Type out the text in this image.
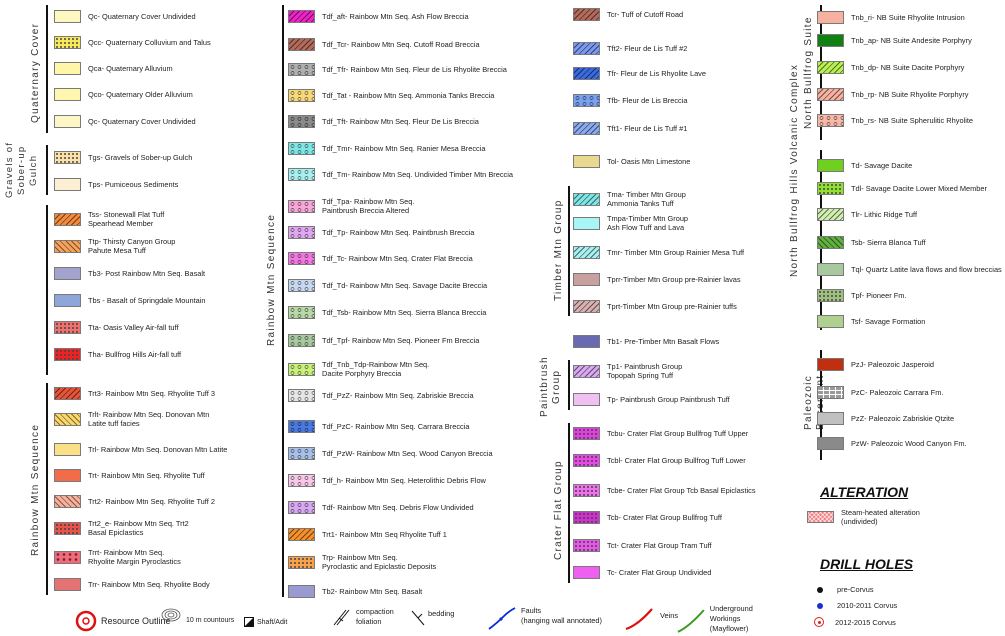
Quaternary Cover
Gravels of
Sober-up
Gulch
Rainbow Mtn Sequence
Qc- Quaternary Cover Undivided
Qcc- Quaternary Colluvium and Talus
Qca- Quaternary Alluvium
Qco- Quaternary Older Alluvium
Qc- Quaternary Cover Undivided
Tgs- Gravels of Sober-up Gulch
Tps- Pumiceous Sediments
Tss- Stonewall Flat Tuff
Spearhead Member
Ttp- Thirsty Canyon Group
Pahute Mesa Tuff
Tb3- Post Rainbow Mtn Seq. Basalt
Tbs - Basalt of Springdale Mountain
Tta- Oasis Valley Air-fall tuff
Tha- Bullfrog Hills Air-fall tuff
Trt3- Rainbow Mtn Seq. Rhyolite Tuff 3
Trlt- Rainbow Mtn Seq. Donovan Mtn
Latite tuff facies
Trl- Rainbow Mtn Seq. Donovan Mtn Latite
Trt- Rainbow Mtn Seq. Rhyolite Tuff
Trt2- Rainbow Mtn Seq. Rhyolite Tuff 2
Trt2_e- Rainbow Mtn Seq. Trt2
Basal Epiclastics
Trrt- Rainbow Mtn Seq.
Rhyolite Margin Pyroclastics
Trr- Rainbow Mtn Seq. Rhyolite Body
Rainbow Mtn Sequence
Tdf_aft- Rainbow Mtn Seq. Ash Flow Breccia
Tdf_Tcr- Rainbow Mtn Seq. Cutoff Road Breccia
Tdf_Tfr- Rainbow Mtn Seq. Fleur de Lis Rhyolite Breccia
Tdf_Tat - Rainbow Mtn Seq. Ammonia Tanks Breccia
Tdf_Tft- Rainbow Mtn Seq. Fleur De Lis Breccia
Tdf_Tmr- Rainbow Mtn Seq. Ranier Mesa Breccia
Tdf_Tm- Rainbow Mtn Seq. Undivided Timber Mtn Breccia
Tdf_Tpa- Rainbow Mtn Seq.
Paintbrush Breccia Altered
Tdf_Tp- Rainbow Mtn Seq. Paintbrush Breccia
Tdf_Tc- Rainbow Mtn Seq. Crater Flat Breccia
Tdf_Td- Rainbow Mtn Seq. Savage Dacite Breccia
Tdf_Tsb- Rainbow Mtn Seq. Sierra Blanca Breccia
Tdf_Tpf- Rainbow Mtn Seq. Pioneer Fm Breccia
Tdf_Tnb_Tdp-Rainbow Mtn Seq.
Dacite Porphyry Breccia
Tdf_PzZ- Rainbow Mtn Seq. Zabriskie Breccia
Tdf_PzC- Rainbow Mtn Seq. Carrara Breccia
Tdf_PzW- Rainbow Mtn Seq. Wood Canyon Breccia
Tdf_h- Rainbow Mtn Seq. Heterolithic Debris Flow
Tdf- Rainbow Mtn Seq. Debris Flow Undivided
Trt1- Rainbow Mtn Seq Rhyolite Tuff 1
Trp- Rainbow Mtn Seq.
Pyroclastic and Epiclastic Deposits
Tb2- Rainbow Mtn Seq. Basalt
Timber Mtn Group
Paintbrush
Group
Crater Flat Group
Tcr- Tuff of Cutoff Road
Tft2- Fleur de Lis Tuff #2
Tfr- Fleur de Lis Rhyolite Lave
Tfb- Fleur de Lis Breccia
Tft1- Fleur de Lis Tuff #1
Tol- Oasis Mtn Limestone
Tma- Timber Mtn Group
Ammonia Tanks Tuff
Tmpa-Timber Mtn Group
Ash Flow Tuff and Lava
Tmr- Timber Mtn Group Rainier Mesa Tuff
Tprr-Timber Mtn Group pre-Rainier lavas
Tprt-Timber Mtn Group pre-Rainier tuffs
Tb1- Pre-Timber Mtn Basalt Flows
Tp1- Paintbrush Group
Topopah Spring Tuff
Tp- Paintbrush Group Paintbrush Tuff
Tcbu- Crater Flat Group Bullfrog Tuff Upper
Tcbl- Crater Flat Group Bullfrog Tuff Lower
Tcbe- Crater Flat Group Tcb Basal Epiclastics
Tcb- Crater Flat Group Bullfrog Tuff
Tct- Crater Flat Group Tram Tuff
Tc- Crater Flat Group Undivided
North Bullfrog Hills Volcanic Complex North Bullfrog Suite
Paleozoic
Tnb_ri- NB Suite Rhyolite Intrusion
Tnb_ap- NB Suite Andesite Porphyry
Tnb_dp- NB Suite Dacite Porphyry
Tnb_rp- NB Suite Rhyolite Porphyry
Tnb_rs- NB Suite Spherulitic Rhyolite
Td- Savage Dacite
Tdl- Savage Dacite Lower Mixed Member
Tlr- Lithic Ridge Tuff
Tsb- Sierra Blanca Tuff
Tql- Quartz Latite lava flows and flow breccias
Tpf- Pioneer Fm.
Tsf- Savage Formation
PzJ- Paleozoic Jasperoid
PzC- Paleozoic Carrara Fm.
PzZ- Paleozoic Zabriskie Qtzite
PzW- Paleozoic Wood Canyon Fm.
ALTERATION
Steam-heated alteration
(undivided)
DRILL HOLES
pre-Corvus
2010-2011 Corvus
2012-2015 Corvus
Resource Outline 10 m countours	Shaft/Adit
compaction
foliation
bedding	Faults
(hanging wall annotated)
Veins
Underground Workings
(Mayflower)
